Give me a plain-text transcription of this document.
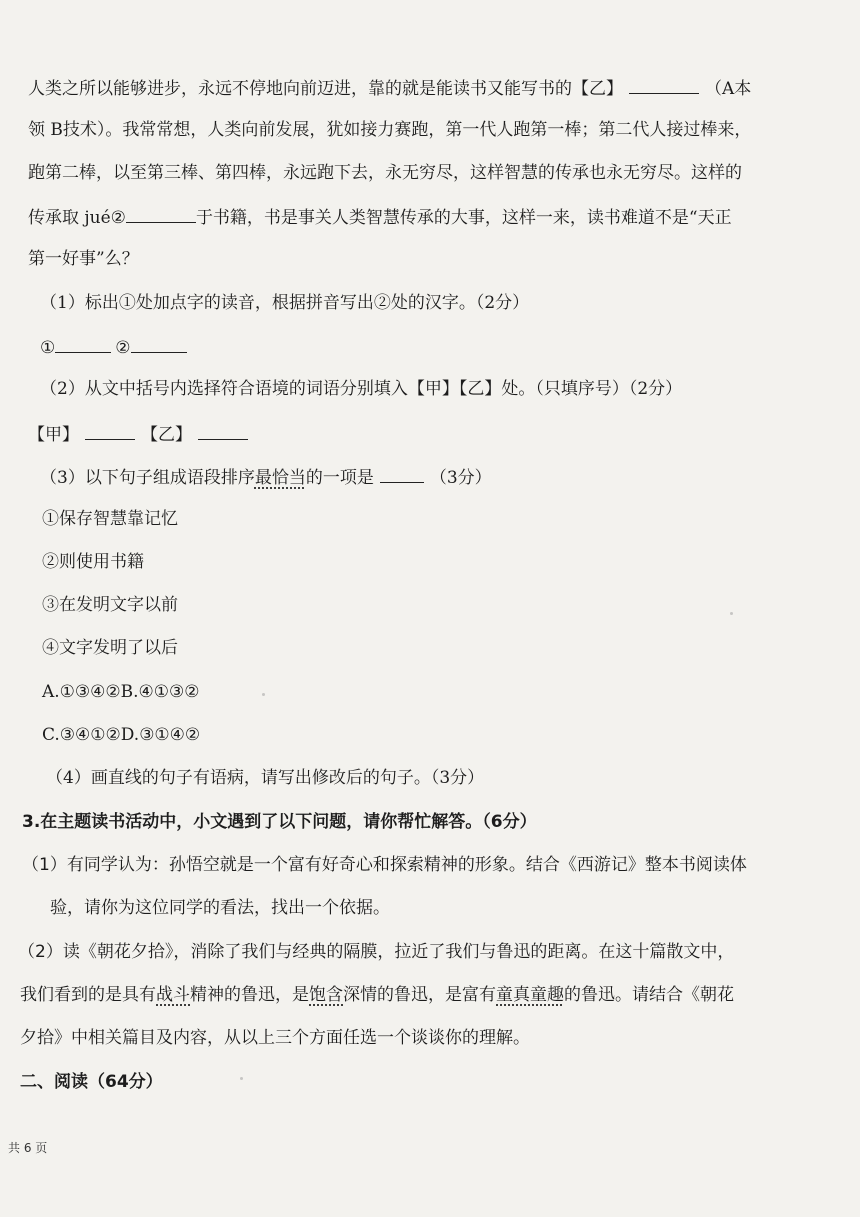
人类之所以能够进步，永远不停地向前迈进，靠的就是能读书又能写书的【乙】	（A本
领 B技术）。我常常想，人类向前发展，犹如接力赛跑，第一代人跑第一棒；第二代人接过棒来，
跑第二棒，以至第三棒、第四棒，永远跑下去，永无穷尽，这样智慧的传承也永无穷尽。这样的
传承取 jué②	于书籍，书是事关人类智慧传承的大事，这样一来，读书难道不是“天正
第一好事”么？
（1）标出①处加点字的读音，根据拼音写出②处的汉字。（2分）
①	②
（2）从文中括号内选择符合语境的词语分别填入【甲】【乙】处。（只填序号）（2分）
【甲】	【乙】
（3）以下句子组成语段排序最恰当的一项是	（3分）
①保存智慧靠记忆
②则使用书籍
③在发明文字以前
④文字发明了以后
A.①③④②B.④①③②
C.③④①②D.③①④②
（4）画直线的句子有语病，请写出修改后的句子。（3分）
3.在主题读书活动中，小文遇到了以下问题，请你帮忙解答。（6分）
（1）有同学认为：孙悟空就是一个富有好奇心和探索精神的形象。结合《西游记》整本书阅读体
验，请你为这位同学的看法，找出一个依据。
（2）读《朝花夕拾》，消除了我们与经典的隔膜，拉近了我们与鲁迅的距离。在这十篇散文中，
我们看到的是具有战斗精神的鲁迅，是饱含深情的鲁迅，是富有童真童趣的鲁迅。请结合《朝花
夕拾》中相关篇目及内容，从以上三个方面任选一个谈谈你的理解。
二、阅读（64分）
共 6 页
